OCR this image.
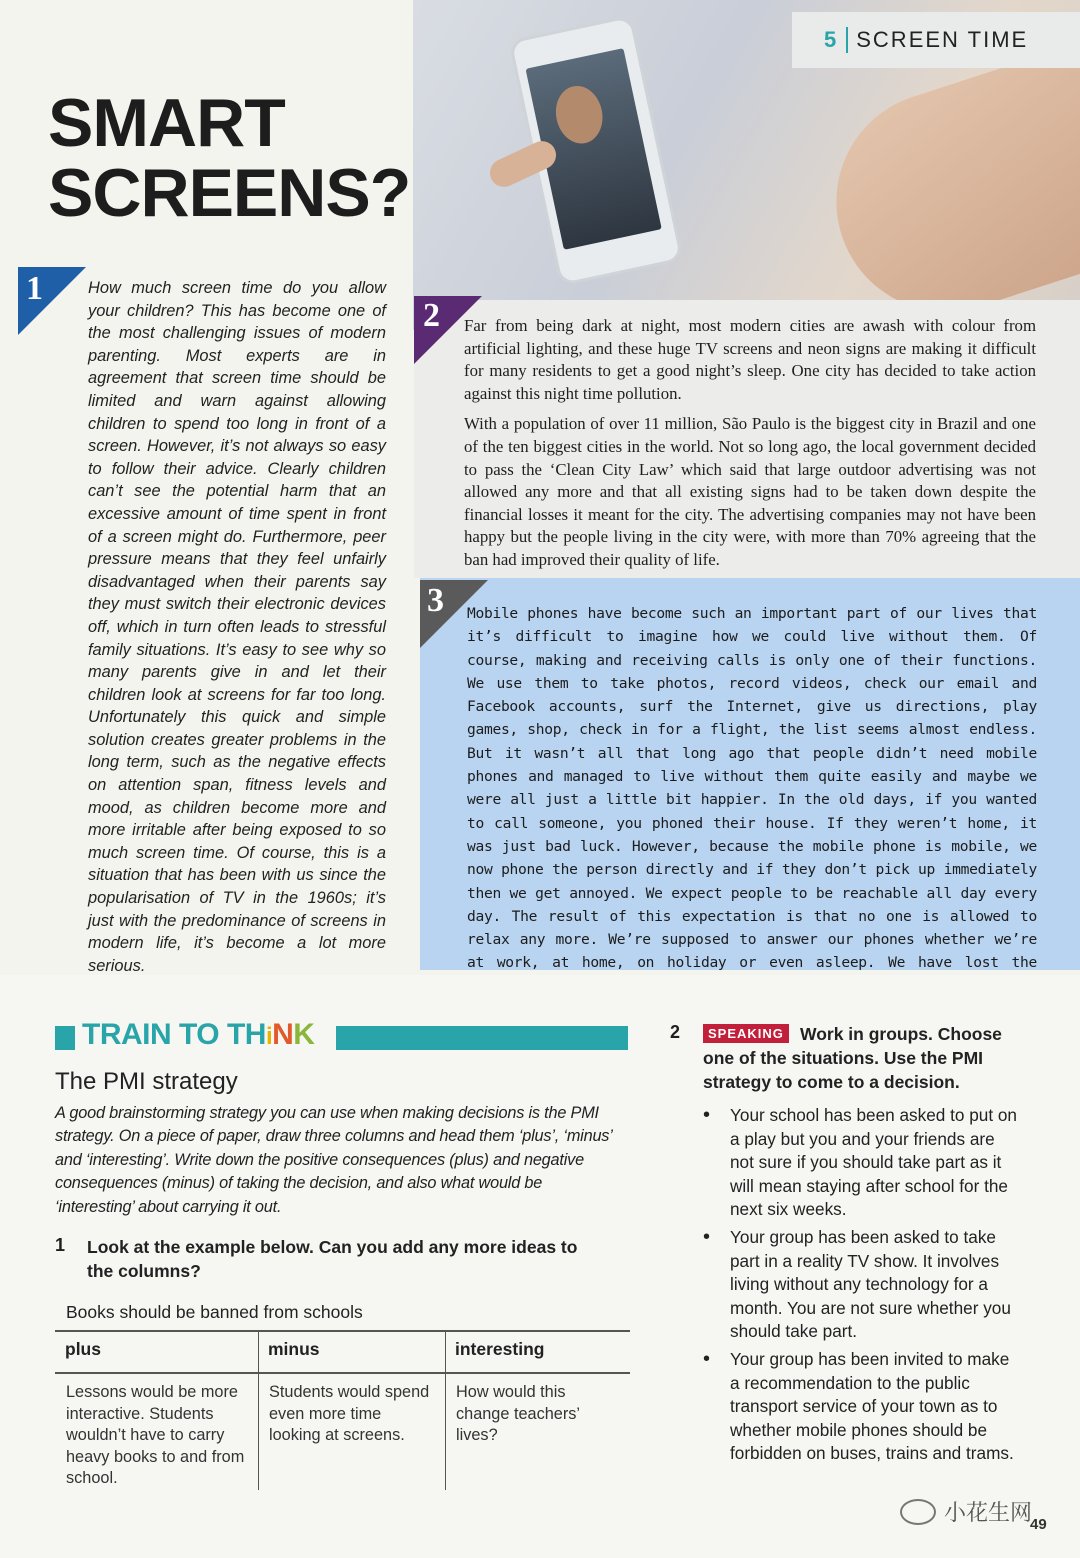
5 SCREEN TIME
SMART
SCREENS?
1	How much screen time do you allow your children? This has become one of the most challenging issues of modern parenting. Most experts are in agreement that screen time should be limited and warn against allowing children to spend too long in front of a screen. However, it’s not always so easy to follow their advice. Clearly children can’t see the potential harm that an excessive amount of time spent in front of a screen might do. Furthermore, peer pressure means that they feel unfairly disadvantaged when their parents say they must switch their electronic devices off, which in turn often leads to stressful family situations. It’s easy to see why so many parents give in and let their children look at screens for far too long. Unfortunately this quick and simple solution creates greater problems in the long term, such as the negative effects on attention span, fitness levels and mood, as children become more and more irritable after being exposed to so much screen time. Of course, this is a situation that has been with us since the popularisation of TV in the 1960s; it’s just with the predominance of screens in modern life, it’s become a lot more serious.
2 Far from being dark at night, most modern cities are awash with colour from artificial lighting, and these huge TV screens and neon signs are making it difficult for many residents to get a good night’s sleep. One city has decided to take action against this night time pollution.

With a population of over 11 million, São Paulo is the biggest city in Brazil and one of the ten biggest cities in the world. Not so long ago, the local government decided to pass the ‘Clean City Law’ which said that large outdoor advertising was not allowed any more and that all existing signs had to be taken down despite the financial losses it meant for the city. The advertising companies may not have been happy but the people living in the city were, with more than 70% agreeing that the ban had improved their quality of life.

3 Mobile phones have become such an important part of our lives that it’s difficult to imagine how we could live without them. Of course, making and receiving calls is only one of their functions. We use them to take photos, record videos, check our email and Facebook accounts, surf the Internet, give us directions, play games, shop, check in for a flight, the list seems almost endless. But it wasn’t all that long ago that people didn’t need mobile phones and managed to live without them quite easily and maybe we were all just a little bit happier. In the old days, if you wanted to call someone, you phoned their house. If they weren’t home, it was just bad luck. However, because the mobile phone is mobile, we now phone the person directly and if they don’t pick up immediately then we get annoyed. We expect people to be reachable all day every day. The result of this expectation is that no one is allowed to relax any more. We’re supposed to answer our phones whether we’re at work, at home, on holiday or even asleep. We have lost the
TRAIN TO THiNK
The PMI strategy
A good brainstorming strategy you can use when making decisions is the PMI strategy. On a piece of paper, draw three columns and head them ‘plus’, ‘minus’ and ‘interesting’. Write down the positive consequences (plus) and negative consequences (minus) of taking the decision, and also what would be ‘interesting’ about carrying it out.
1 Look at the example below. Can you add any more ideas to the columns?
Books should be banned from schools
plus
Lessons would be more interactive. Students wouldn’t have to carry heavy books to and from school.
minus
Students would spend even more time looking at screens.
interesting
How would this change teachers’ lives?
2	Work in groups. Choose one of the situations. Use the PMI strategy to come to a decision.
SPEAKING
• Your school has been asked to put on a play but you and your friends are not sure if you should take part as it will mean staying after school for the next six weeks.
• Your group has been asked to take part in a reality TV show. It involves living without any technology for a month. You are not sure whether you should take part.
• Your group has been invited to make a recommendation to the public transport service of your town as to whether mobile phones should be forbidden on buses, trains and trams.
小花生网
49
